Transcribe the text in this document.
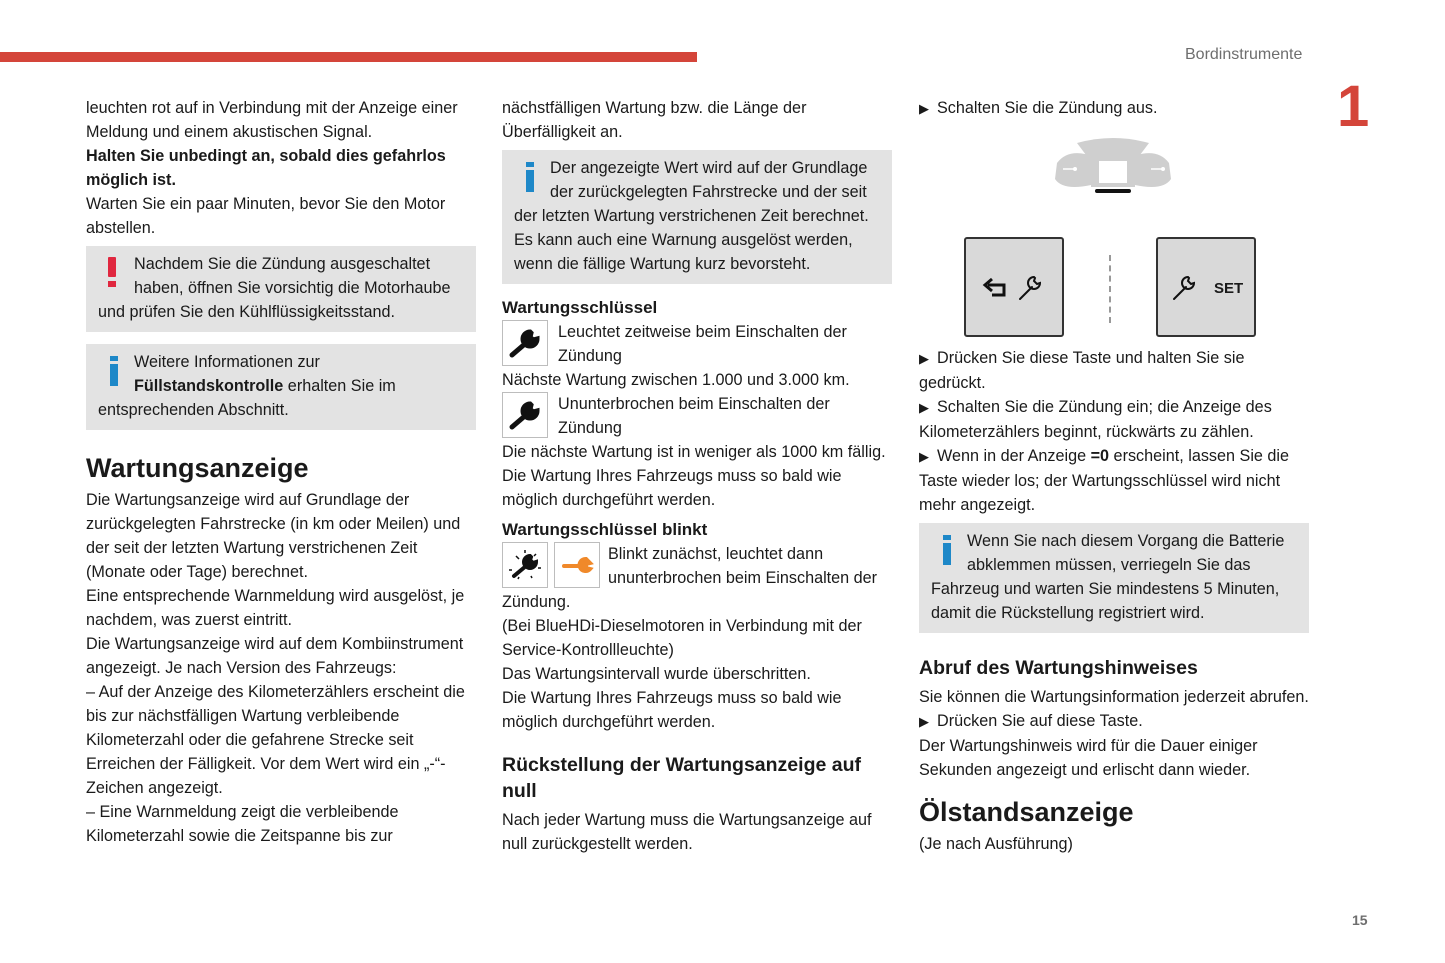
Bordinstrumente
1

leuchten rot auf in Verbindung mit der Anzeige einer Meldung und einem akustischen Signal.

Halten Sie unbedingt an, sobald dies gefahrlos möglich ist.

Warten Sie ein paar Minuten, bevor Sie den Motor abstellen.

Nachdem Sie die Zündung ausgeschaltet haben, öffnen Sie vorsichtig die Motorhaube und prüfen Sie den Kühlflüssigkeitsstand.
Weitere Informationen zur Füllstandskontrolle erhalten Sie im entsprechenden Abschnitt.
Wartungsanzeige

Die Wartungsanzeige wird auf Grundlage der zurückgelegten Fahrstrecke (in km oder Meilen) und der seit der letzten Wartung verstrichenen Zeit (Monate oder Tage) berechnet.

Eine entsprechende Warnmeldung wird ausgelöst, je nachdem, was zuerst eintritt.

Die Wartungsanzeige wird auf dem Kombiinstrument angezeigt. Je nach Version des Fahrzeugs:

– Auf der Anzeige des Kilometerzählers erscheint die bis zur nächstfälligen Wartung verbleibende Kilometerzahl oder die gefahrene Strecke seit Erreichen der Fälligkeit. Vor dem Wert wird ein „-“-Zeichen angezeigt.

– Eine Warnmeldung zeigt die verbleibende Kilometerzahl sowie die Zeitspanne bis zur

nächstfälligen Wartung bzw. die Länge der Überfälligkeit an.

Der angezeigte Wert wird auf der Grundlage der zurückgelegten Fahrstrecke und der seit der letzten Wartung verstrichenen Zeit berechnet. Es kann auch eine Warnung ausgelöst werden, wenn die fällige Wartung kurz bevorsteht.
Wartungsschlüssel
Leuchtet zeitweise beim Einschalten der Zündung

Nächste Wartung zwischen 1.000 und 3.000 km.

Ununterbrochen beim Einschalten der Zündung

Die nächste Wartung ist in weniger als 1000 km fällig.

Die Wartung Ihres Fahrzeugs muss so bald wie möglich durchgeführt werden.

Wartungsschlüssel blinkt
Blinkt zunächst, leuchtet dann ununterbrochen beim Einschalten der Zündung.

(Bei BlueHDi-Dieselmotoren in Verbindung mit der Service-Kontrollleuchte)

Das Wartungsintervall wurde überschritten.

Die Wartung Ihres Fahrzeugs muss so bald wie möglich durchgeführt werden.

Rückstellung der Wartungsanzeige auf null

Nach jeder Wartung muss die Wartungsanzeige auf null zurückgestellt werden.

▶ Schalten Sie die Zündung aus.

SET

▶ Drücken Sie diese Taste und halten Sie sie gedrückt.

▶ Schalten Sie die Zündung ein; die Anzeige des Kilometerzählers beginnt, rückwärts zu zählen.

▶ Wenn in der Anzeige =0 erscheint, lassen Sie die Taste wieder los; der Wartungsschlüssel wird nicht mehr angezeigt.

Wenn Sie nach diesem Vorgang die Batterie abklemmen müssen, verriegeln Sie das Fahrzeug und warten Sie mindestens 5 Minuten, damit die Rückstellung registriert wird.
Abruf des Wartungshinweises

Sie können die Wartungsinformation jederzeit abrufen.

▶ Drücken Sie auf diese Taste.

Der Wartungshinweis wird für die Dauer einiger Sekunden angezeigt und erlischt dann wieder.

Ölstandsanzeige

(Je nach Ausführung)

15
